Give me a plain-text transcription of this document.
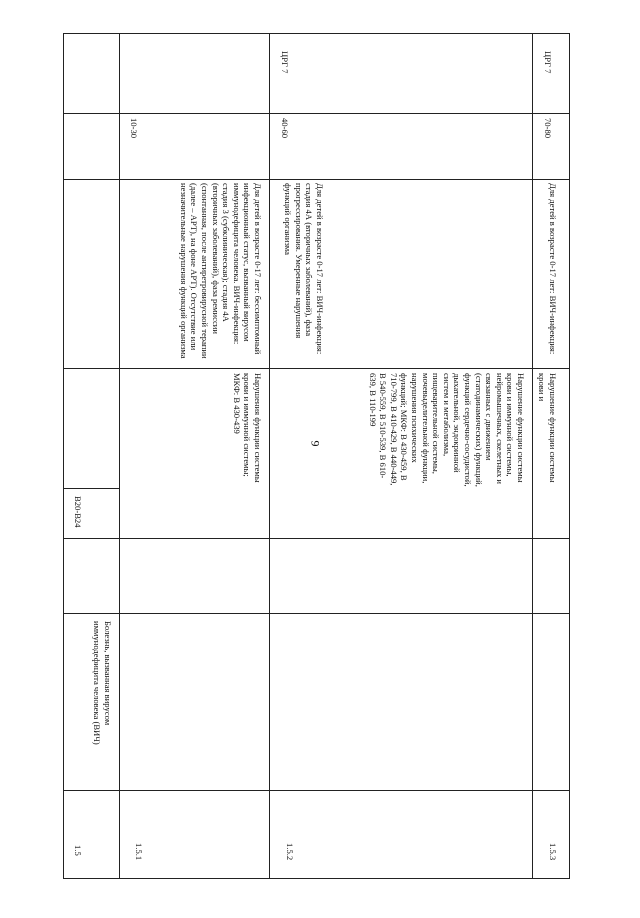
9
1.5
Болезнь, вызванная вирусом иммунодефицита человека (ВИЧ)
B20-B24
1.5.1
Нарушения функции системы крови и иммунной системы; МКФ: B 430-439
Для детей в возрасте 0-17 лет: бессимптомный инфекционный статус, вызванный вирусом иммунодефицита человека. ВИЧ-инфекция: стадия 3 (субклиническая); стадия 4А (вторичных заболеваний), фаза ремиссии (спонтанная, после антиретровирусной терапии (далее – АРТ), на фоне АРТ). Отсутствие или незначительные нарушения функций организма
10-30
1.5.2
Нарушение функции системы крови и иммунной системы, нейромышечных, скелетных и связанных с движением (статодинамических) функций, функций сердечно-сосудистой, дыхательной, эндокринной систем и метаболизма, пищеварительной системы, мочевыделительной функции, нарушения психических функций; МКФ: B 430-459, B 710-799, B 410-429, B 440-449, B 540-559, B 510-539, B 610-639, B 110-199
Для детей в возрасте 0-17 лет: ВИЧ-инфекция: стадия 4А (вторичных заболеваний), фаза прогрессирования. Умеренные нарушения функций организма
40-60
ЦРГ 7
1.5.3
Нарушение функции системы крови и
Для детей в возрасте 0-17 лет: ВИЧ-инфекция:
70-80
ЦРГ 7
